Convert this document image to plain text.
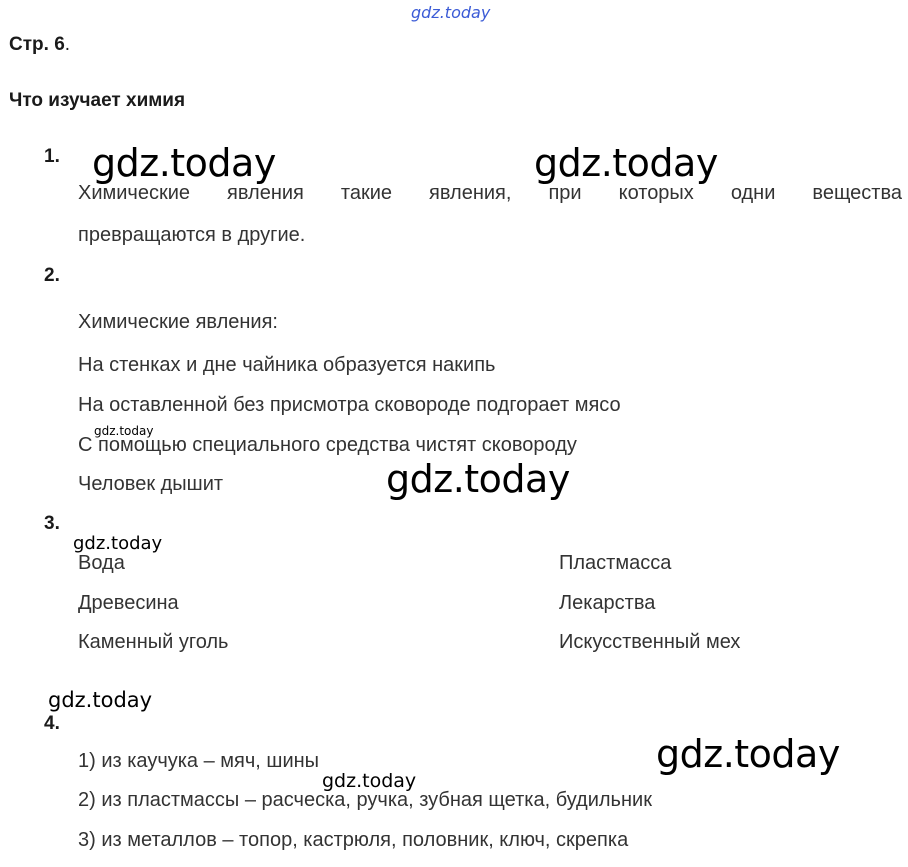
gdz.today
Стр. 6.
Что изучает химия
1. gdz.today	gdz.today
Химические явления такие явления, при которых одни вещества
превращаются в другие.
2.
Химические явления:
На стенках и дне чайника образуется накипь
На оставленной без присмотра сковороде подгорает мясо
gdz.today
С помощью специального средства чистят сковороду
Человек дышит	gdz.today
3.
gdz.today
Вода
Древесина
Каменный уголь
Пластмасса
Лекарства
Искусственный мех
gdz.today
4.
gdz.today
1) из каучука – мяч, шины
gdz.today
2) из пластмассы – расческа, ручка, зубная щетка, будильник
3) из металлов – топор, кастрюля, половник, ключ, скрепка
